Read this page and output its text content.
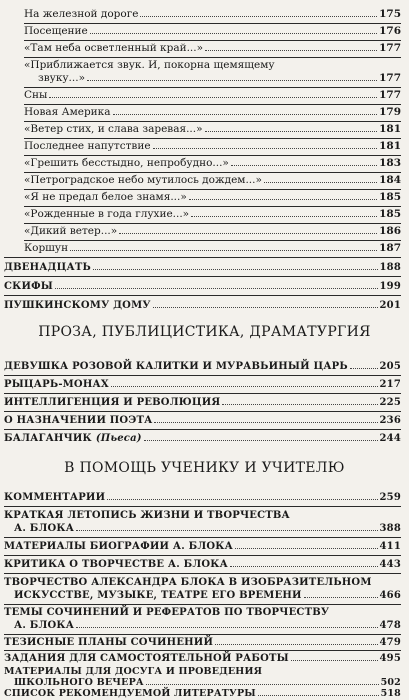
На железной дороге	175
Посещение	176
«Там неба осветленный край...»	177
«Приближается звук. И, покорна щемящему
звуку...»	177
Сны	177
Новая Америка	179
«Ветер стих, и слава заревая...»	181
Последнее напутствие	181
«Грешить бесстыдно, непробудно...»	183
«Петроградское небо мутилось дождем...»	184
«Я не предал белое знамя...»	185
«Рожденные в года глухие...»	185
«Дикий ветер...»	186
Коршун	187
ДВЕНАДЦАТЬ	188
СКИФЫ	199
ПУШКИНСКОМУ ДОМУ	201
ПРОЗА, ПУБЛИЦИСТИКА, ДРАМАТУРГИЯ
ДЕВУШКА РОЗОВОЙ КАЛИТКИ И МУРАВЬИНЫЙ ЦАРЬ	205
РЫЦАРЬ-МОНАХ	217
ИНТЕЛЛИГЕНЦИЯ И РЕВОЛЮЦИЯ	225
О НАЗНАЧЕНИИ ПОЭТА	236
БАЛАГАНЧИК (Пьеса)	244
В ПОМОЩЬ УЧЕНИКУ И УЧИТЕЛЮ
КОММЕНТАРИИ	259
КРАТКАЯ ЛЕТОПИСЬ ЖИЗНИ И ТВОРЧЕСТВА
А. БЛОКА	388
МАТЕРИАЛЫ БИОГРАФИИ А. БЛОКА	411
КРИТИКА О ТВОРЧЕСТВЕ А. БЛОКА	443
ТВОРЧЕСТВО АЛЕКСАНДРА БЛОКА В ИЗОБРАЗИТЕЛЬНОМ
ИСКУССТВЕ, МУЗЫКЕ, ТЕАТРЕ ЕГО ВРЕМЕНИ	466
ТЕМЫ СОЧИНЕНИЙ И РЕФЕРАТОВ ПО ТВОРЧЕСТВУ
А. БЛОКА	478
ТЕЗИСНЫЕ ПЛАНЫ СОЧИНЕНИЙ	479
ЗАДАНИЯ ДЛЯ САМОСТОЯТЕЛЬНОЙ РАБОТЫ	495
МАТЕРИАЛЫ ДЛЯ ДОСУГА И ПРОВЕДЕНИЯ
ШКОЛЬНОГО ВЕЧЕРА	502
СПИСОК РЕКОМЕНДУЕМОЙ ЛИТЕРАТУРЫ	518
